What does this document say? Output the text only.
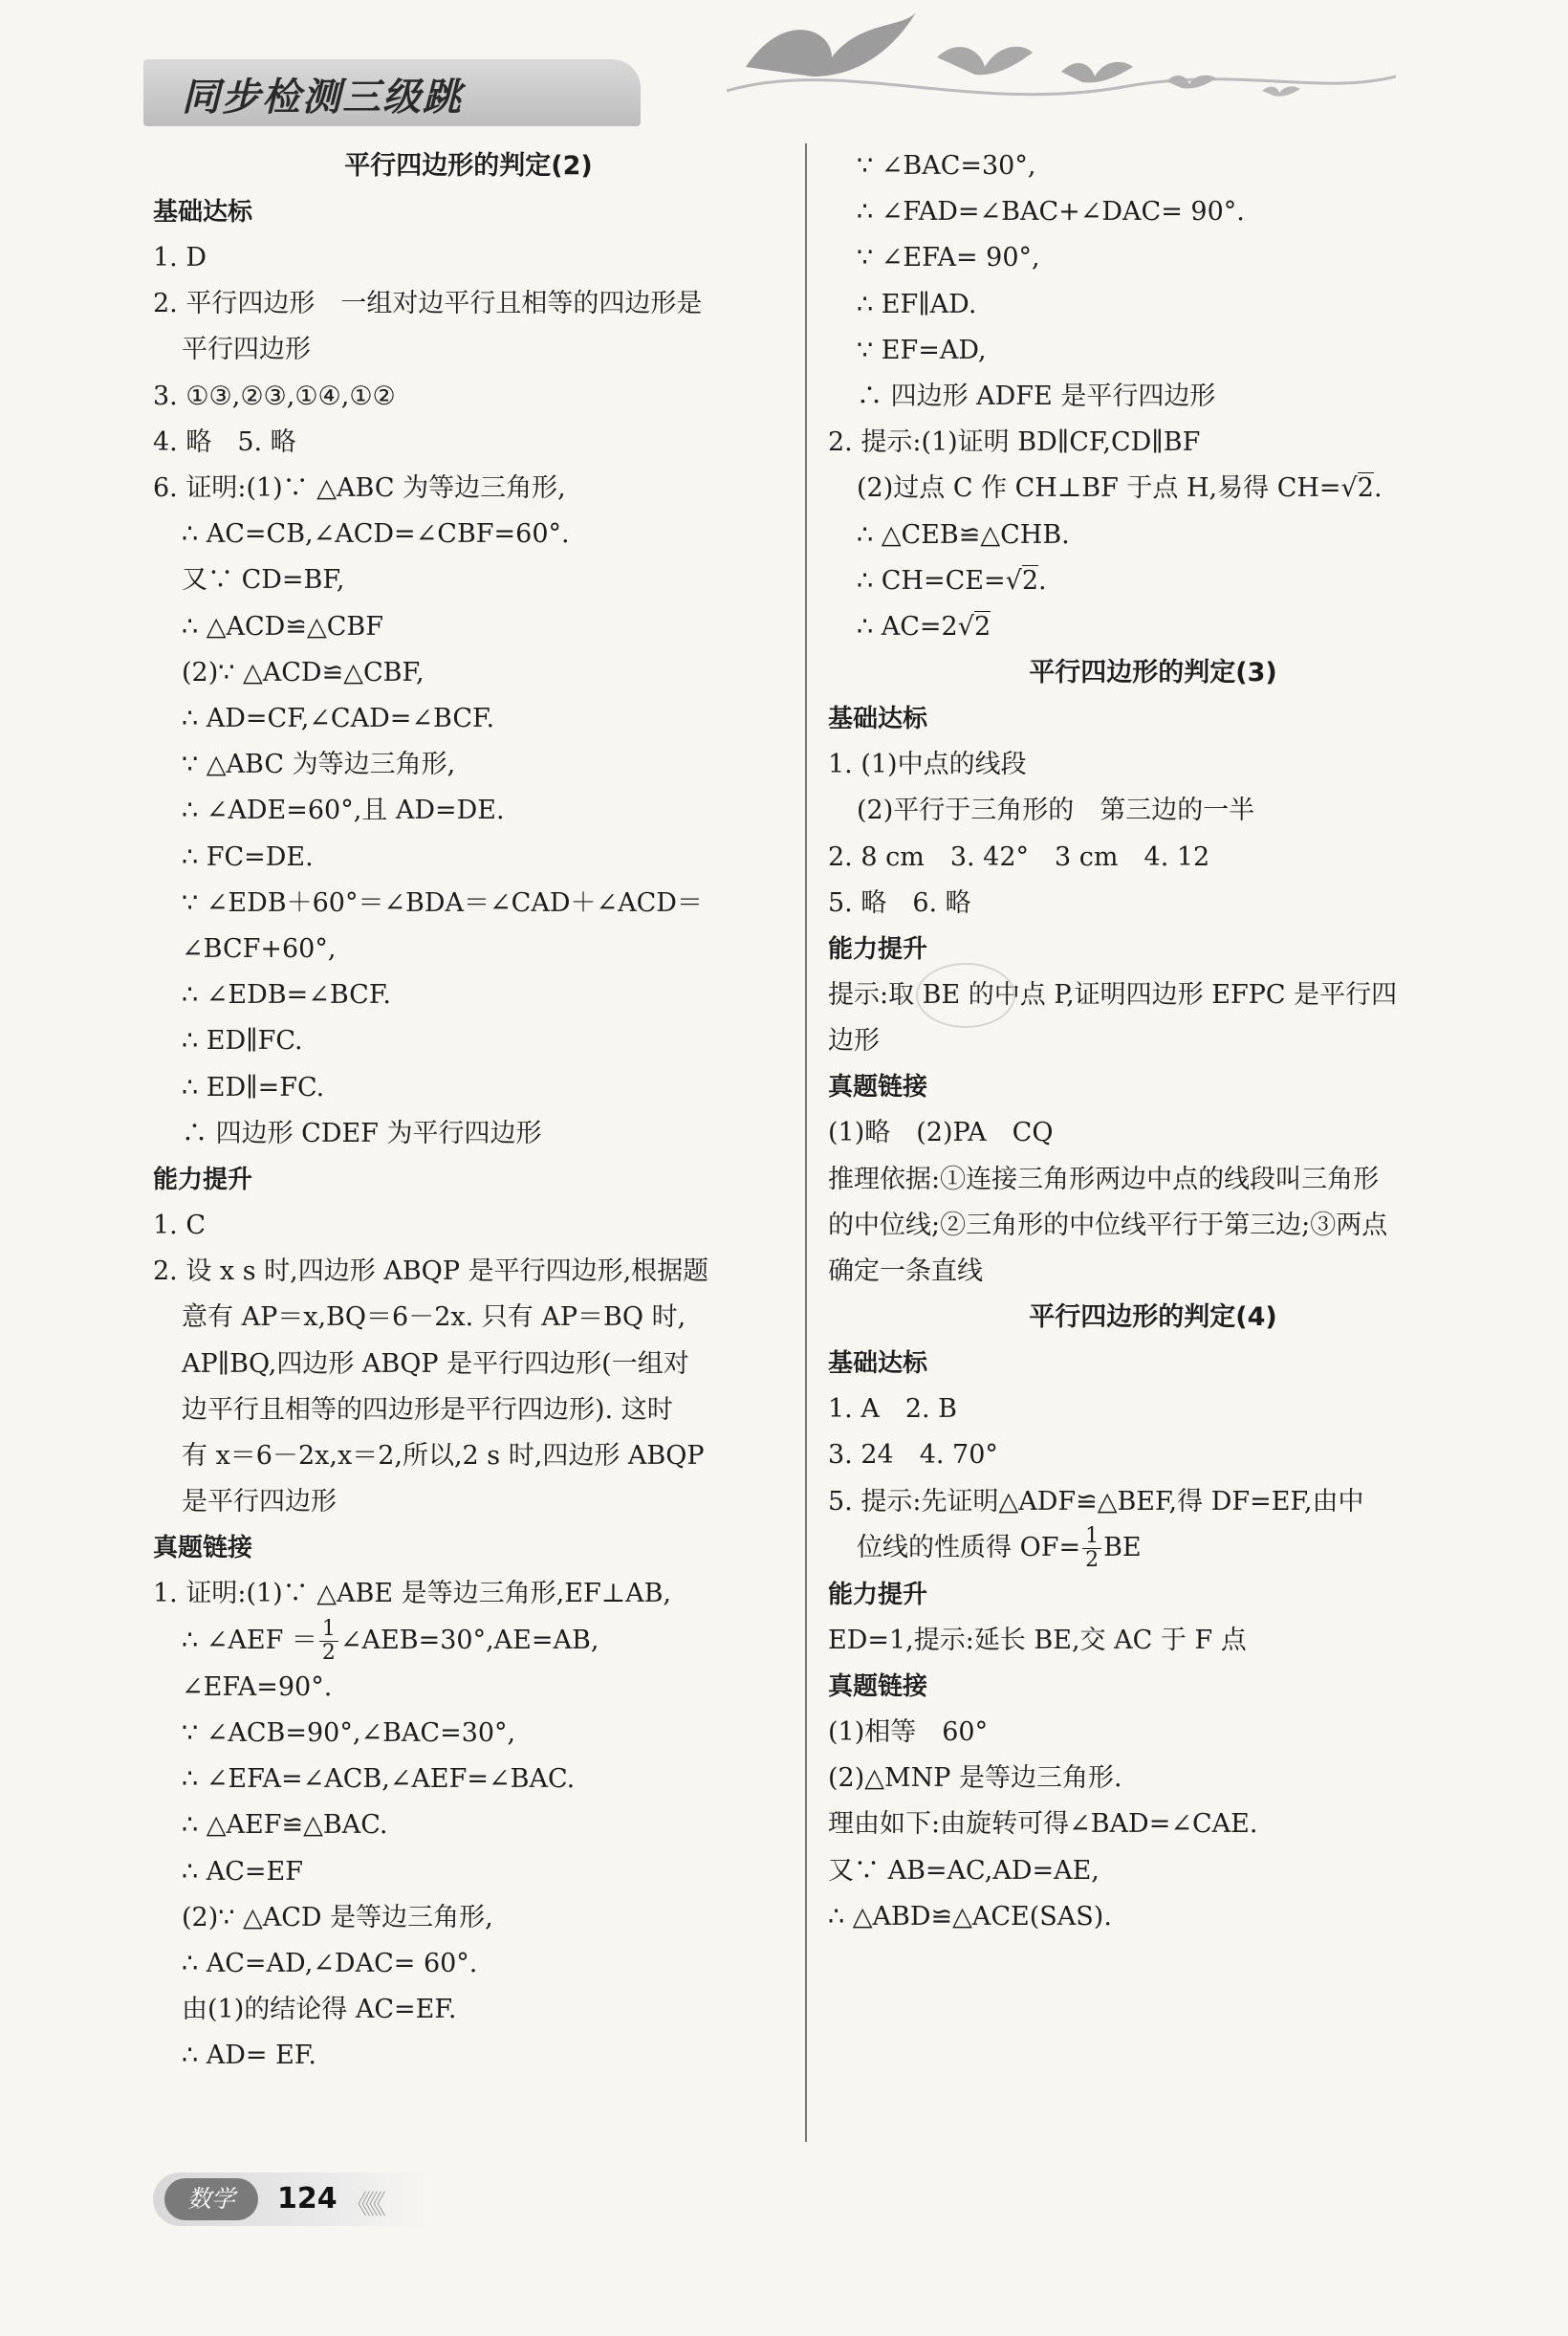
同步检测三级跳
平行四边形的判定(2)
基础达标
1. D
2. 平行四边形　一组对边平行且相等的四边形是
平行四边形
3. ①③,②③,①④,①②
4. 略　5. 略
6. 证明:(1)∵ △ABC 为等边三角形,
∴ AC=CB,∠ACD=∠CBF=60°.
又∵ CD=BF,
∴ △ACD≌△CBF
(2)∵ △ACD≌△CBF,
∴ AD=CF,∠CAD=∠BCF.
∵ △ABC 为等边三角形,
∴ ∠ADE=60°,且 AD=DE.
∴ FC=DE.
∵ ∠EDB＋60°＝∠BDA＝∠CAD＋∠ACD＝
∠BCF+60°,
∴ ∠EDB=∠BCF.
∴ ED∥FC.
∴ ED∥=FC.
∴ 四边形 CDEF 为平行四边形
能力提升
1. C
2. 设 x s 时,四边形 ABQP 是平行四边形,根据题
意有 AP＝x,BQ＝6－2x. 只有 AP＝BQ 时,
AP∥BQ,四边形 ABQP 是平行四边形(一组对
边平行且相等的四边形是平行四边形). 这时
有 x＝6－2x,x＝2,所以,2 s 时,四边形 ABQP
是平行四边形
真题链接
1. 证明:(1)∵ △ABE 是等边三角形,EF⊥AB,
∴ ∠AEF ＝ $\frac{1}{2}$ ∠AEB=30°,AE=AB,
∠EFA=90°.
∵ ∠ACB=90°,∠BAC=30°,
∴ ∠EFA=∠ACB,∠AEF=∠BAC.
∴ △AEF≌△BAC.
∴ AC=EF
(2)∵ △ACD 是等边三角形,
∴ AC=AD,∠DAC= 60°.
由(1)的结论得 AC=EF.
∴ AD= EF.
∵ ∠BAC=30°,
∴ ∠FAD=∠BAC+∠DAC= 90°.
∵ ∠EFA= 90°,
∴ EF∥AD.
∵ EF=AD,
∴ 四边形 ADFE 是平行四边形
2. 提示:(1)证明 BD∥CF,CD∥BF
(2)过点 C 作 CH⊥BF 于点 H,易得 CH=√2.
∴ △CEB≌△CHB.
∴ CH=CE=√2.
∴ AC=2√2
平行四边形的判定(3)
基础达标
1. (1)中点的线段
(2)平行于三角形的　第三边的一半
2. 8 cm　3. 42°　3 cm　4. 12
5. 略　6. 略
能力提升
提示:取 BE 的中点 P,证明四边形 EFPC 是平行四
边形
真题链接
(1)略　(2)PA　CQ
推理依据:①连接三角形两边中点的线段叫三角形
的中位线;②三角形的中位线平行于第三边;③两点
确定一条直线
平行四边形的判定(4)
基础达标
1. A　2. B
3. 24　4. 70°
5. 提示:先证明△ADF≌△BEF,得 DF=EF,由中
位线的性质得 $OF= \frac{1}{2}$ BE
能力提升
ED=1,提示:延长 BE,交 AC 于 F 点
真题链接
(1)相等　60°
(2)△MNP 是等边三角形.
理由如下:由旋转可得∠BAD=∠CAE.
又∵ AB=AC,AD=AE,
∴ △ABD≌△ACE(SAS).
数学	124 《《《
